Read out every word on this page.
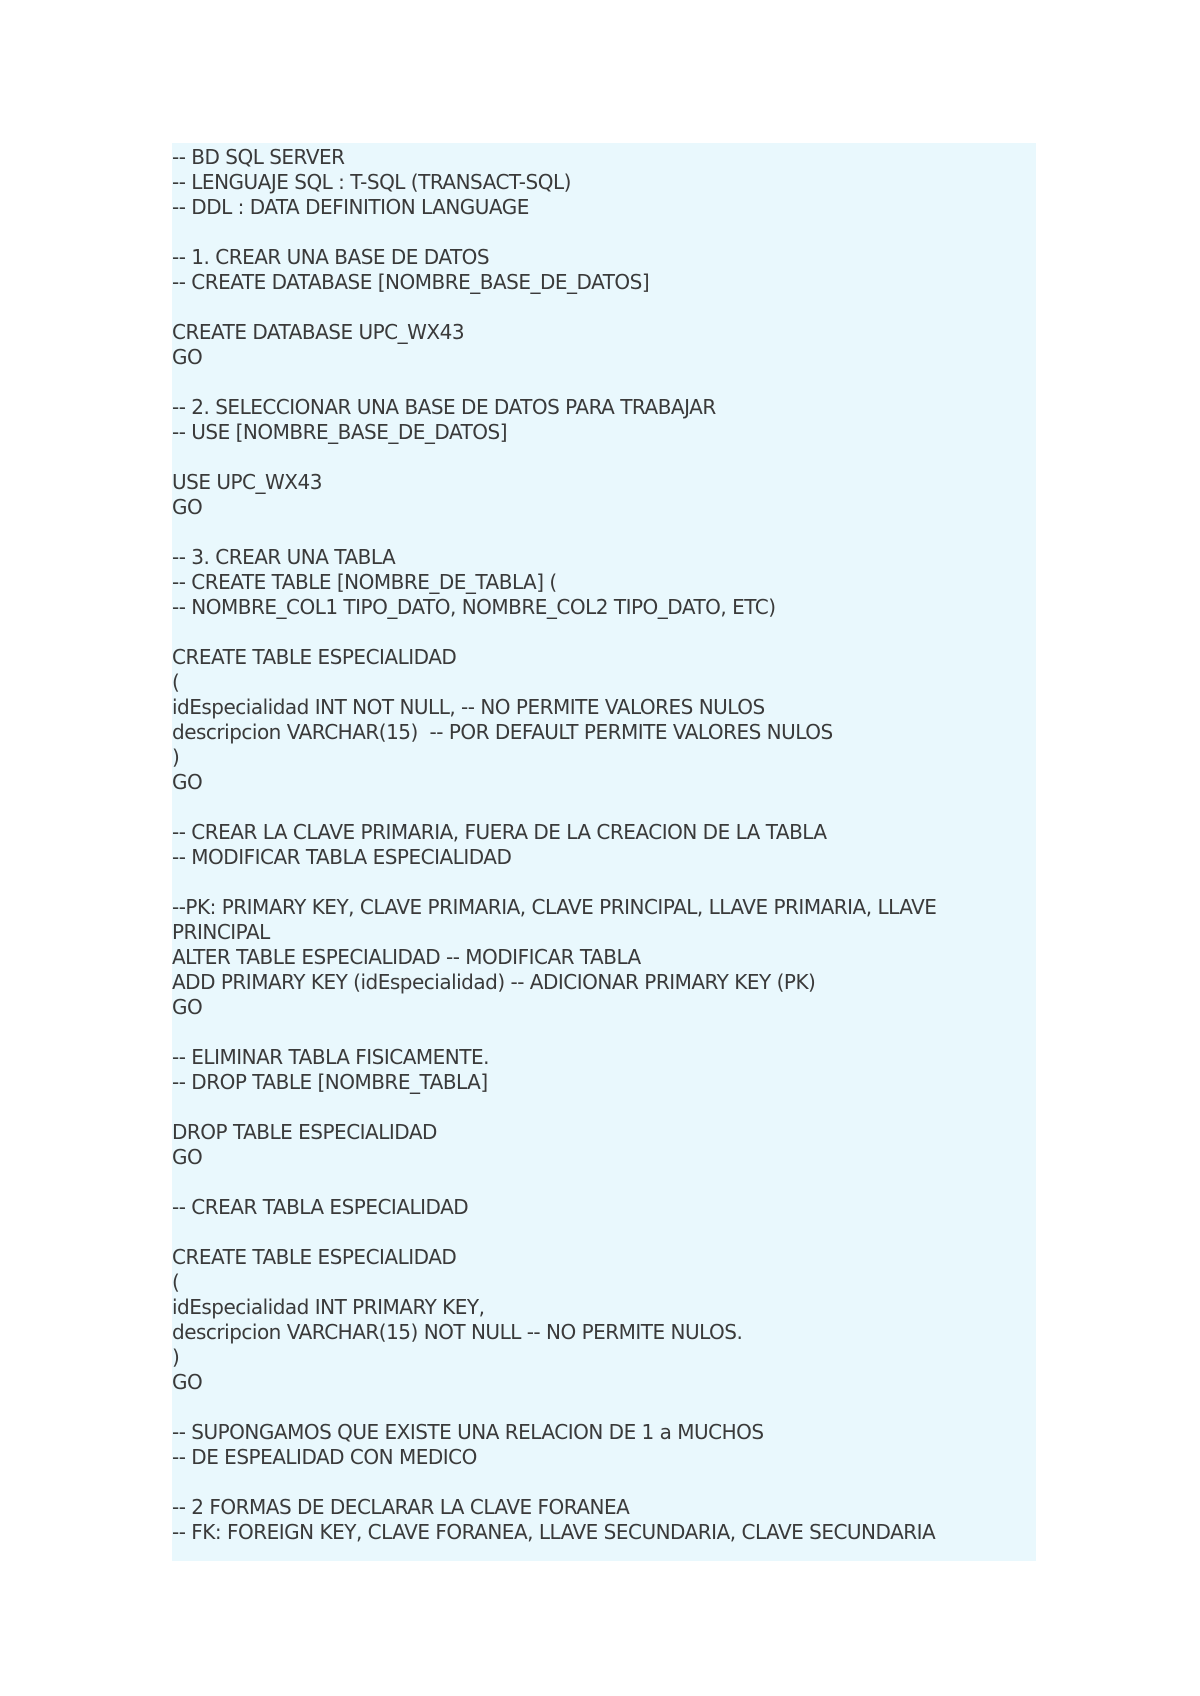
-- BD SQL SERVER
-- LENGUAJE SQL : T-SQL (TRANSACT-SQL)
-- DDL : DATA DEFINITION LANGUAGE
-- 1. CREAR UNA BASE DE DATOS
-- CREATE DATABASE [NOMBRE_BASE_DE_DATOS]
CREATE DATABASE UPC_WX43
GO
-- 2. SELECCIONAR UNA BASE DE DATOS PARA TRABAJAR
-- USE [NOMBRE_BASE_DE_DATOS]
USE UPC_WX43
GO
-- 3. CREAR UNA TABLA
-- CREATE TABLE [NOMBRE_DE_TABLA] (
-- NOMBRE_COL1 TIPO_DATO, NOMBRE_COL2 TIPO_DATO, ETC)
CREATE TABLE ESPECIALIDAD
(
idEspecialidad INT NOT NULL, -- NO PERMITE VALORES NULOS
descripcion VARCHAR(15)  -- POR DEFAULT PERMITE VALORES NULOS
)
GO
-- CREAR LA CLAVE PRIMARIA, FUERA DE LA CREACION DE LA TABLA
-- MODIFICAR TABLA ESPECIALIDAD
--PK: PRIMARY KEY, CLAVE PRIMARIA, CLAVE PRINCIPAL, LLAVE PRIMARIA, LLAVE
PRINCIPAL
ALTER TABLE ESPECIALIDAD -- MODIFICAR TABLA
ADD PRIMARY KEY (idEspecialidad) -- ADICIONAR PRIMARY KEY (PK)
GO
-- ELIMINAR TABLA FISICAMENTE.
-- DROP TABLE [NOMBRE_TABLA]
DROP TABLE ESPECIALIDAD
GO
-- CREAR TABLA ESPECIALIDAD
CREATE TABLE ESPECIALIDAD
(
idEspecialidad INT PRIMARY KEY,
descripcion VARCHAR(15) NOT NULL -- NO PERMITE NULOS.
)
GO
-- SUPONGAMOS QUE EXISTE UNA RELACION DE 1 a MUCHOS
-- DE ESPEALIDAD CON MEDICO
-- 2 FORMAS DE DECLARAR LA CLAVE FORANEA
-- FK: FOREIGN KEY, CLAVE FORANEA, LLAVE SECUNDARIA, CLAVE SECUNDARIA
